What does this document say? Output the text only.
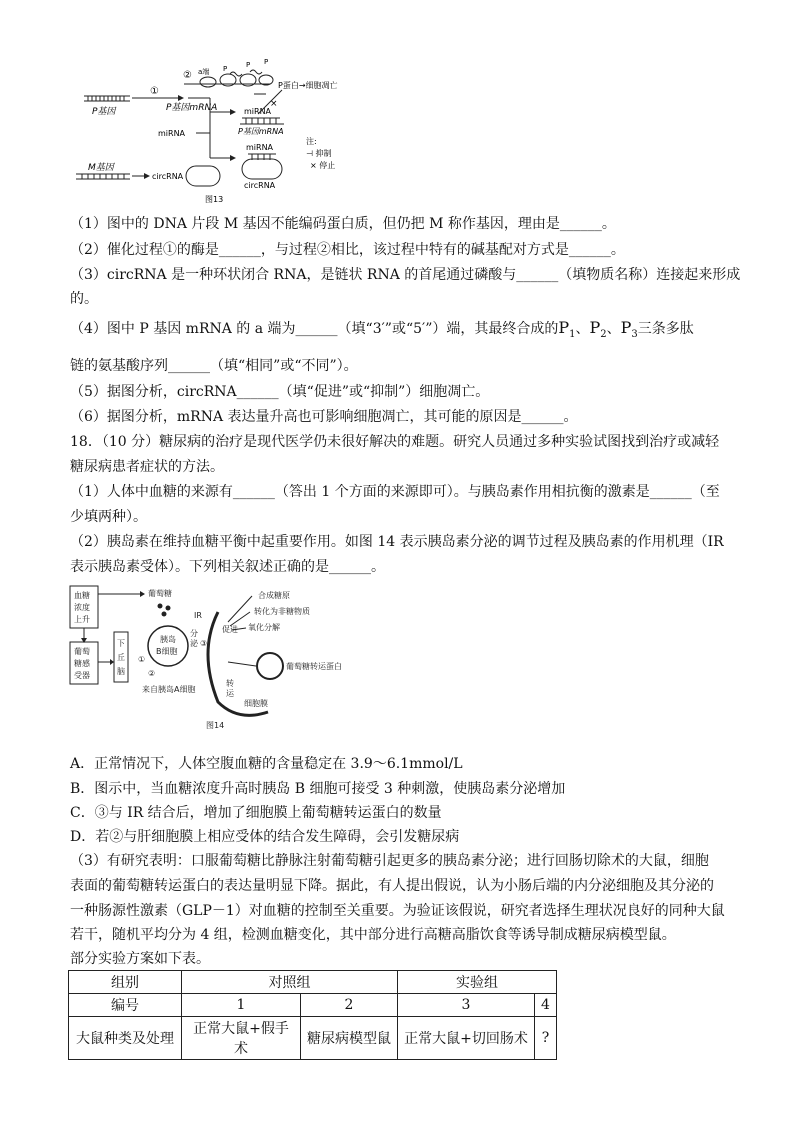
P基因
①
P基因mRNA
② a端 P	P P
P蛋白→细胞凋亡
miRNA
miRNA
P基因mRNA
M基因
circRNA
miRNA
circRNA
×
注:
⊣ 抑制
× 停止
图13
（1）图中的 DNA 片段 M 基因不能编码蛋白质，但仍把 M 称作基因，理由是______。
（2）催化过程①的酶是______，与过程②相比，该过程中特有的碱基配对方式是______。
（3）circRNA 是一种环状闭合 RNA，是链状 RNA 的首尾通过磷酸与______（填物质名称）连接起来形成
的。
（4）图中 P 基因 mRNA 的 a 端为______（填“3′”或“5′”）端，其最终合成的$P_1$、$P_2$、$P_3$三条多肽
链的氨基酸序列______（填“相同”或“不同”）。
（5）据图分析，circRNA______（填“促进”或“抑制”）细胞凋亡。
（6）据图分析，mRNA 表达量升高也可影响细胞凋亡，其可能的原因是______。
18．（10 分）糖尿病的治疗是现代医学仍未很好解决的难题。研究人员通过多种实验试图找到治疗或减轻
糖尿病患者症状的方法。
（1）人体中血糖的来源有______（答出 1 个方面的来源即可）。与胰岛素作用相抗衡的激素是______（至
少填两种）。
（2）胰岛素在维持血糖平衡中起重要作用。如图 14 表示胰岛素分泌的调节过程及胰岛素的作用机理（IR
表示胰岛素受体）。下列相关叙述正确的是______。
血糖
浓度
上升
葡萄
糖感
受器
下
丘
脑
葡萄糖
胰岛
B细胞
①
②
③
来自胰岛A细胞
分
泌
IR
促进
合成糖原
转化为非糖物质
氧化分解
葡萄糖转运蛋白
转
运
细胞膜
图14
A．正常情况下，人体空腹血糖的含量稳定在 3.9～6.1mmol/L
B．图示中，当血糖浓度升高时胰岛 B 细胞可接受 3 种刺激，使胰岛素分泌增加
C．③与 IR 结合后，增加了细胞膜上葡萄糖转运蛋白的数量
D．若②与肝细胞膜上相应受体的结合发生障碍，会引发糖尿病
（3）有研究表明：口服葡萄糖比静脉注射葡萄糖引起更多的胰岛素分泌；进行回肠切除术的大鼠，细胞
表面的葡萄糖转运蛋白的表达量明显下降。据此，有人提出假说，认为小肠后端的内分泌细胞及其分泌的
一种肠源性激素（GLP－1）对血糖的控制至关重要。为验证该假说，研究者选择生理状况良好的同种大鼠
若干，随机平均分为 4 组，检测血糖变化，其中部分进行高糖高脂饮食等诱导制成糖尿病模型鼠。
部分实验方案如下表。
组别	对照组		实验组	
编号	1	2	3	4
大鼠种类及处理	正常大鼠+假手术	糖尿病模型鼠	正常大鼠+切回肠术	?
